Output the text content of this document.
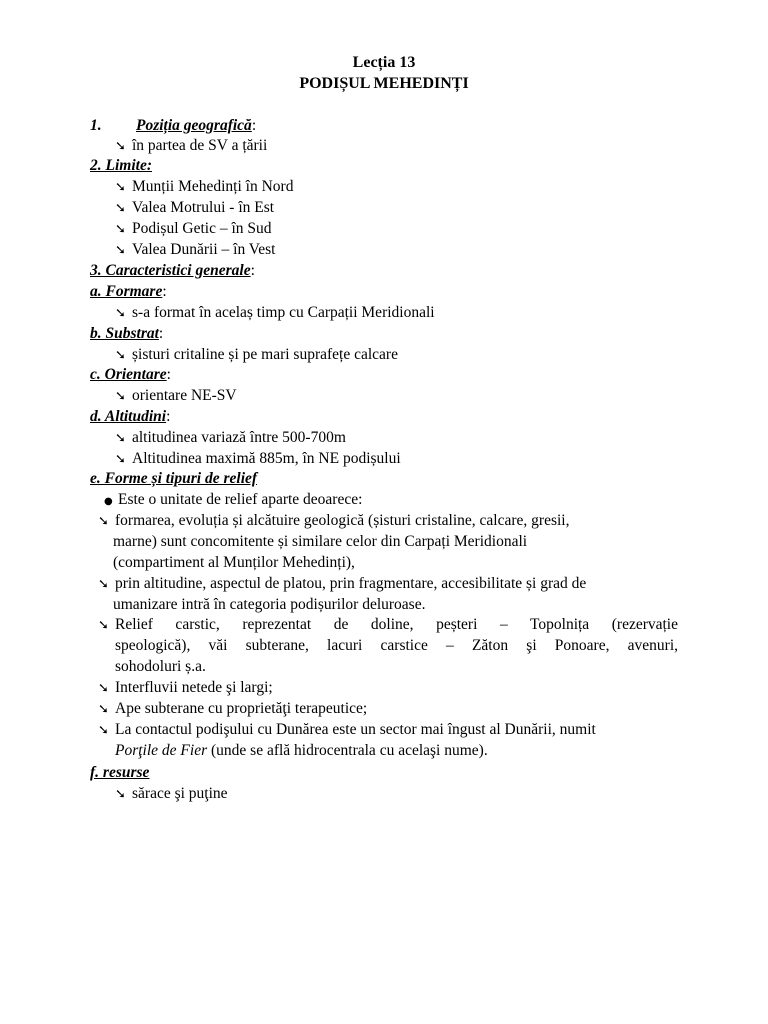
Lecția 13
PODIȘUL MEHEDINȚI
1. Poziția geografică:
➘ în partea de SV a țării
2. Limite:
➘ Munții Mehedinți în Nord
➘ Valea Motrului - în Est
➘ Podișul Getic – în Sud
➘ Valea Dunării – în Vest
3. Caracteristici generale:
a. Formare:
➘ s-a format în acelaș timp cu Carpații Meridionali
b. Substrat:
➘ șisturi critaline și pe mari suprafețe calcare
c. Orientare:
➘ orientare NE-SV
d. Altitudini:
➘ altitudinea variază între 500-700m
➘ Altitudinea maximă 885m, în NE podișului
e. Forme și tipuri de relief
● Este o unitate de relief aparte deoarece:
➘ formarea, evoluția și alcătuire geologică (șisturi cristaline, calcare, gresii,
marne) sunt concomitente și similare celor din Carpați Meridionali
(compartiment al Munților Mehedinți),
➘ prin altitudine, aspectul de platou, prin fragmentare, accesibilitate și grad de
umanizare intră în categoria podișurilor deluroase.
➘ Relief carstic, reprezentat de doline, peșteri – Topolnița (rezervație
speologică), văi subterane, lacuri carstice – Zăton şi Ponoare, avenuri,
sohodoluri ș.a.
➘ Interfluvii netede şi largi;
➘ Ape subterane cu proprietăţi terapeutice;
➘ La contactul podişului cu Dunărea este un sector mai îngust al Dunării, numit
Porţile de Fier (unde se află hidrocentrala cu acelaşi nume).
f. resurse
➘ sărace şi puţine
